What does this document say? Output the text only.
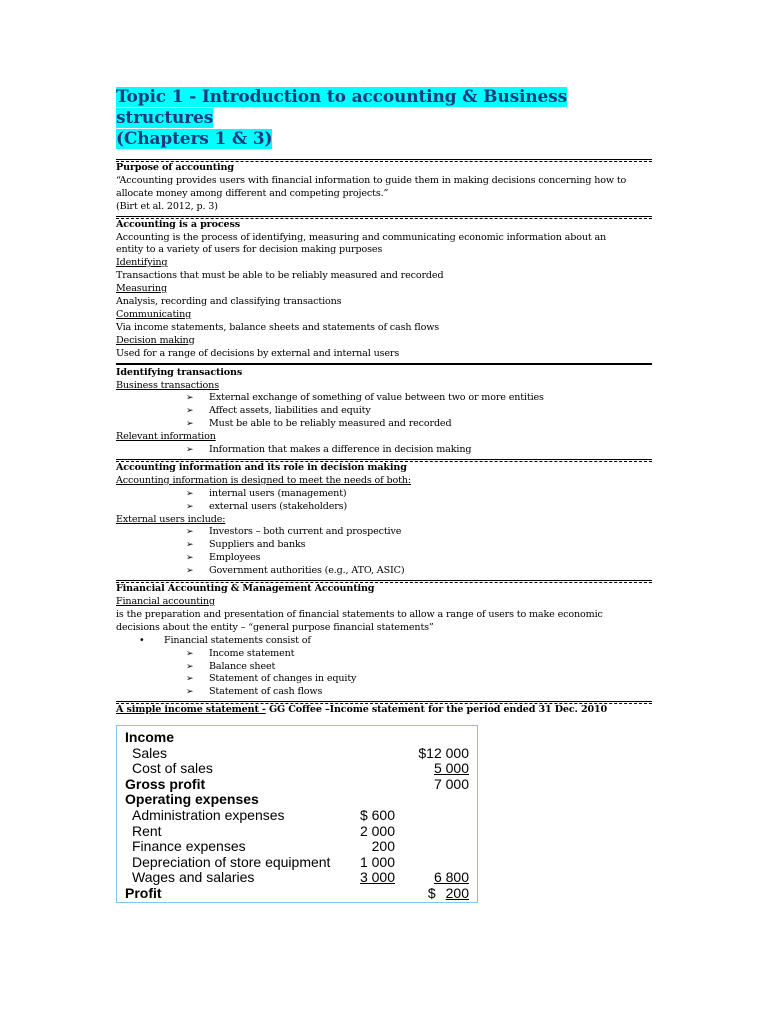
Topic 1 - Introduction to accounting & Business structures
(Chapters 1 & 3)
Purpose of accounting
“Accounting provides users with financial information to guide them in making decisions concerning how to
allocate money among different and competing projects.”
(Birt et al. 2012, p. 3)
Accounting is a process
Accounting is the process of identifying, measuring and communicating economic information about an
entity to a variety of users for decision making purposes
Identifying
Transactions that must be able to be reliably measured and recorded
Measuring
Analysis, recording and classifying transactions
Communicating
Via income statements, balance sheets and statements of cash flows
Decision making
Used for a range of decisions by external and internal users
Identifying transactions
Business transactions
➢ External exchange of something of value between two or more entities
➢ Affect assets, liabilities and equity
➢ Must be able to be reliably measured and recorded
Relevant information
➢ Information that makes a difference in decision making
Accounting information and its role in decision making
Accounting information is designed to meet the needs of both:
➢ internal users (management)
➢ external users (stakeholders)
External users include:
➢ Investors – both current and prospective
➢ Suppliers and banks
➢ Employees
➢ Government authorities (e.g., ATO, ASIC)
Financial Accounting & Management Accounting
Financial accounting
is the preparation and presentation of financial statements to allow a range of users to make economic
decisions about the entity – “general purpose financial statements”
• Financial statements consist of
➢ Income statement
➢ Balance sheet
➢ Statement of changes in equity
➢ Statement of cash flows
A simple income statement - GG Coffee –Income statement for the period ended 31 Dec. 2010
Income
Sales	$12 000
Cost of sales	5 000
Gross profit	7 000
Operating expenses
Administration expenses	$ 600
Rent	2 000
Finance expenses	200
Depreciation of store equipment 1 000
Wages and salaries	3 000	6 800
Profit	$ 200
